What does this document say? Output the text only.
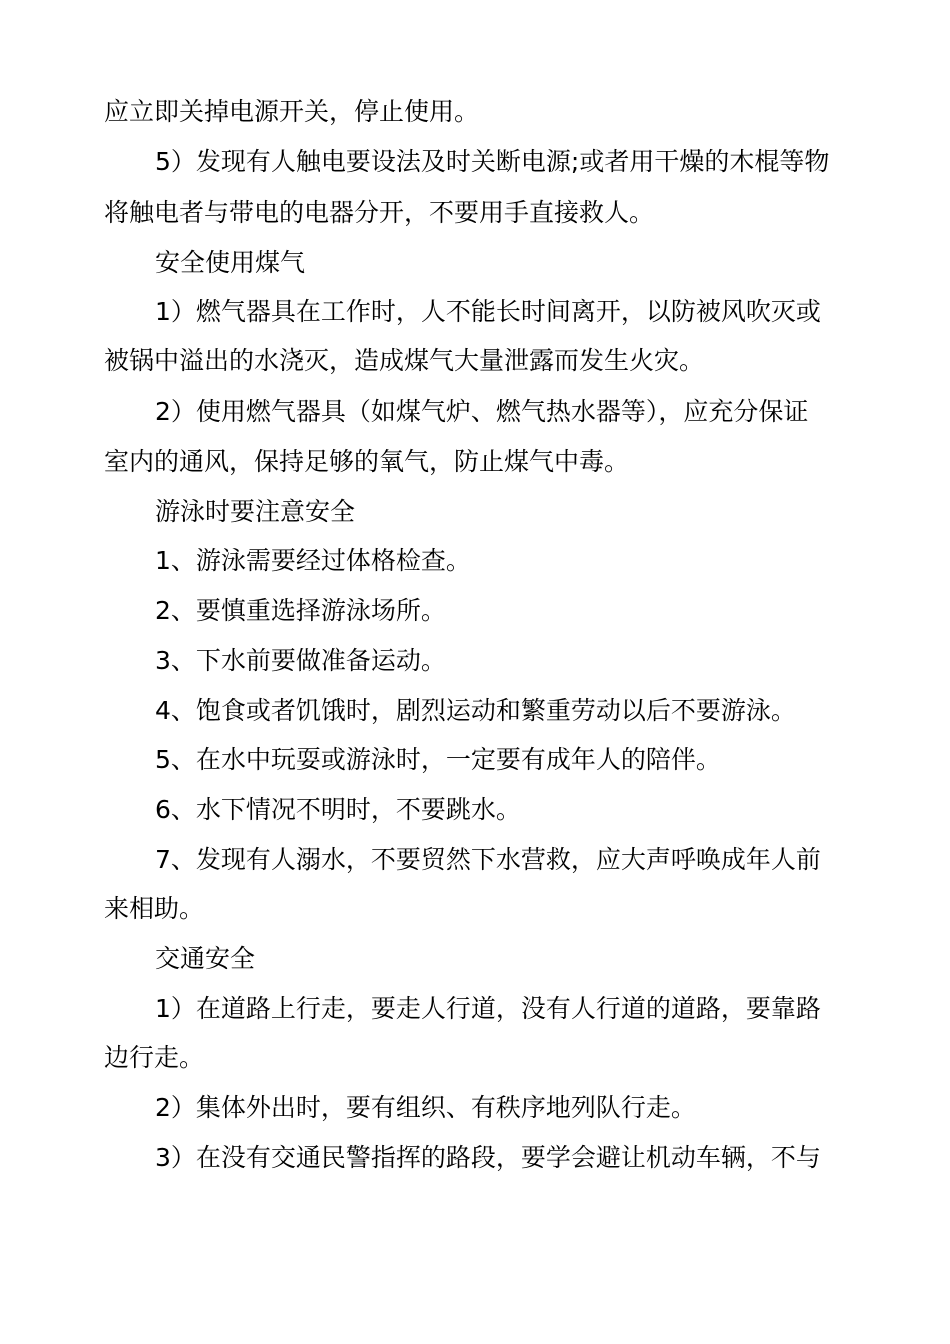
应立即关掉电源开关，停止使用。
5）发现有人触电要设法及时关断电源;或者用干燥的木棍等物
将触电者与带电的电器分开，不要用手直接救人。
安全使用煤气
1）燃气器具在工作时，人不能长时间离开，以防被风吹灭或
被锅中溢出的水浇灭，造成煤气大量泄露而发生火灾。
2）使用燃气器具（如煤气炉、燃气热水器等），应充分保证
室内的通风，保持足够的氧气，防止煤气中毒。
游泳时要注意安全
1、游泳需要经过体格检查。
2、要慎重选择游泳场所。
3、下水前要做准备运动。
4、饱食或者饥饿时，剧烈运动和繁重劳动以后不要游泳。
5、在水中玩耍或游泳时，一定要有成年人的陪伴。
6、水下情况不明时，不要跳水。
7、发现有人溺水，不要贸然下水营救，应大声呼唤成年人前
来相助。
交通安全
1）在道路上行走，要走人行道，没有人行道的道路，要靠路
边行走。
2）集体外出时，要有组织、有秩序地列队行走。
3）在没有交通民警指挥的路段，要学会避让机动车辆，不与
